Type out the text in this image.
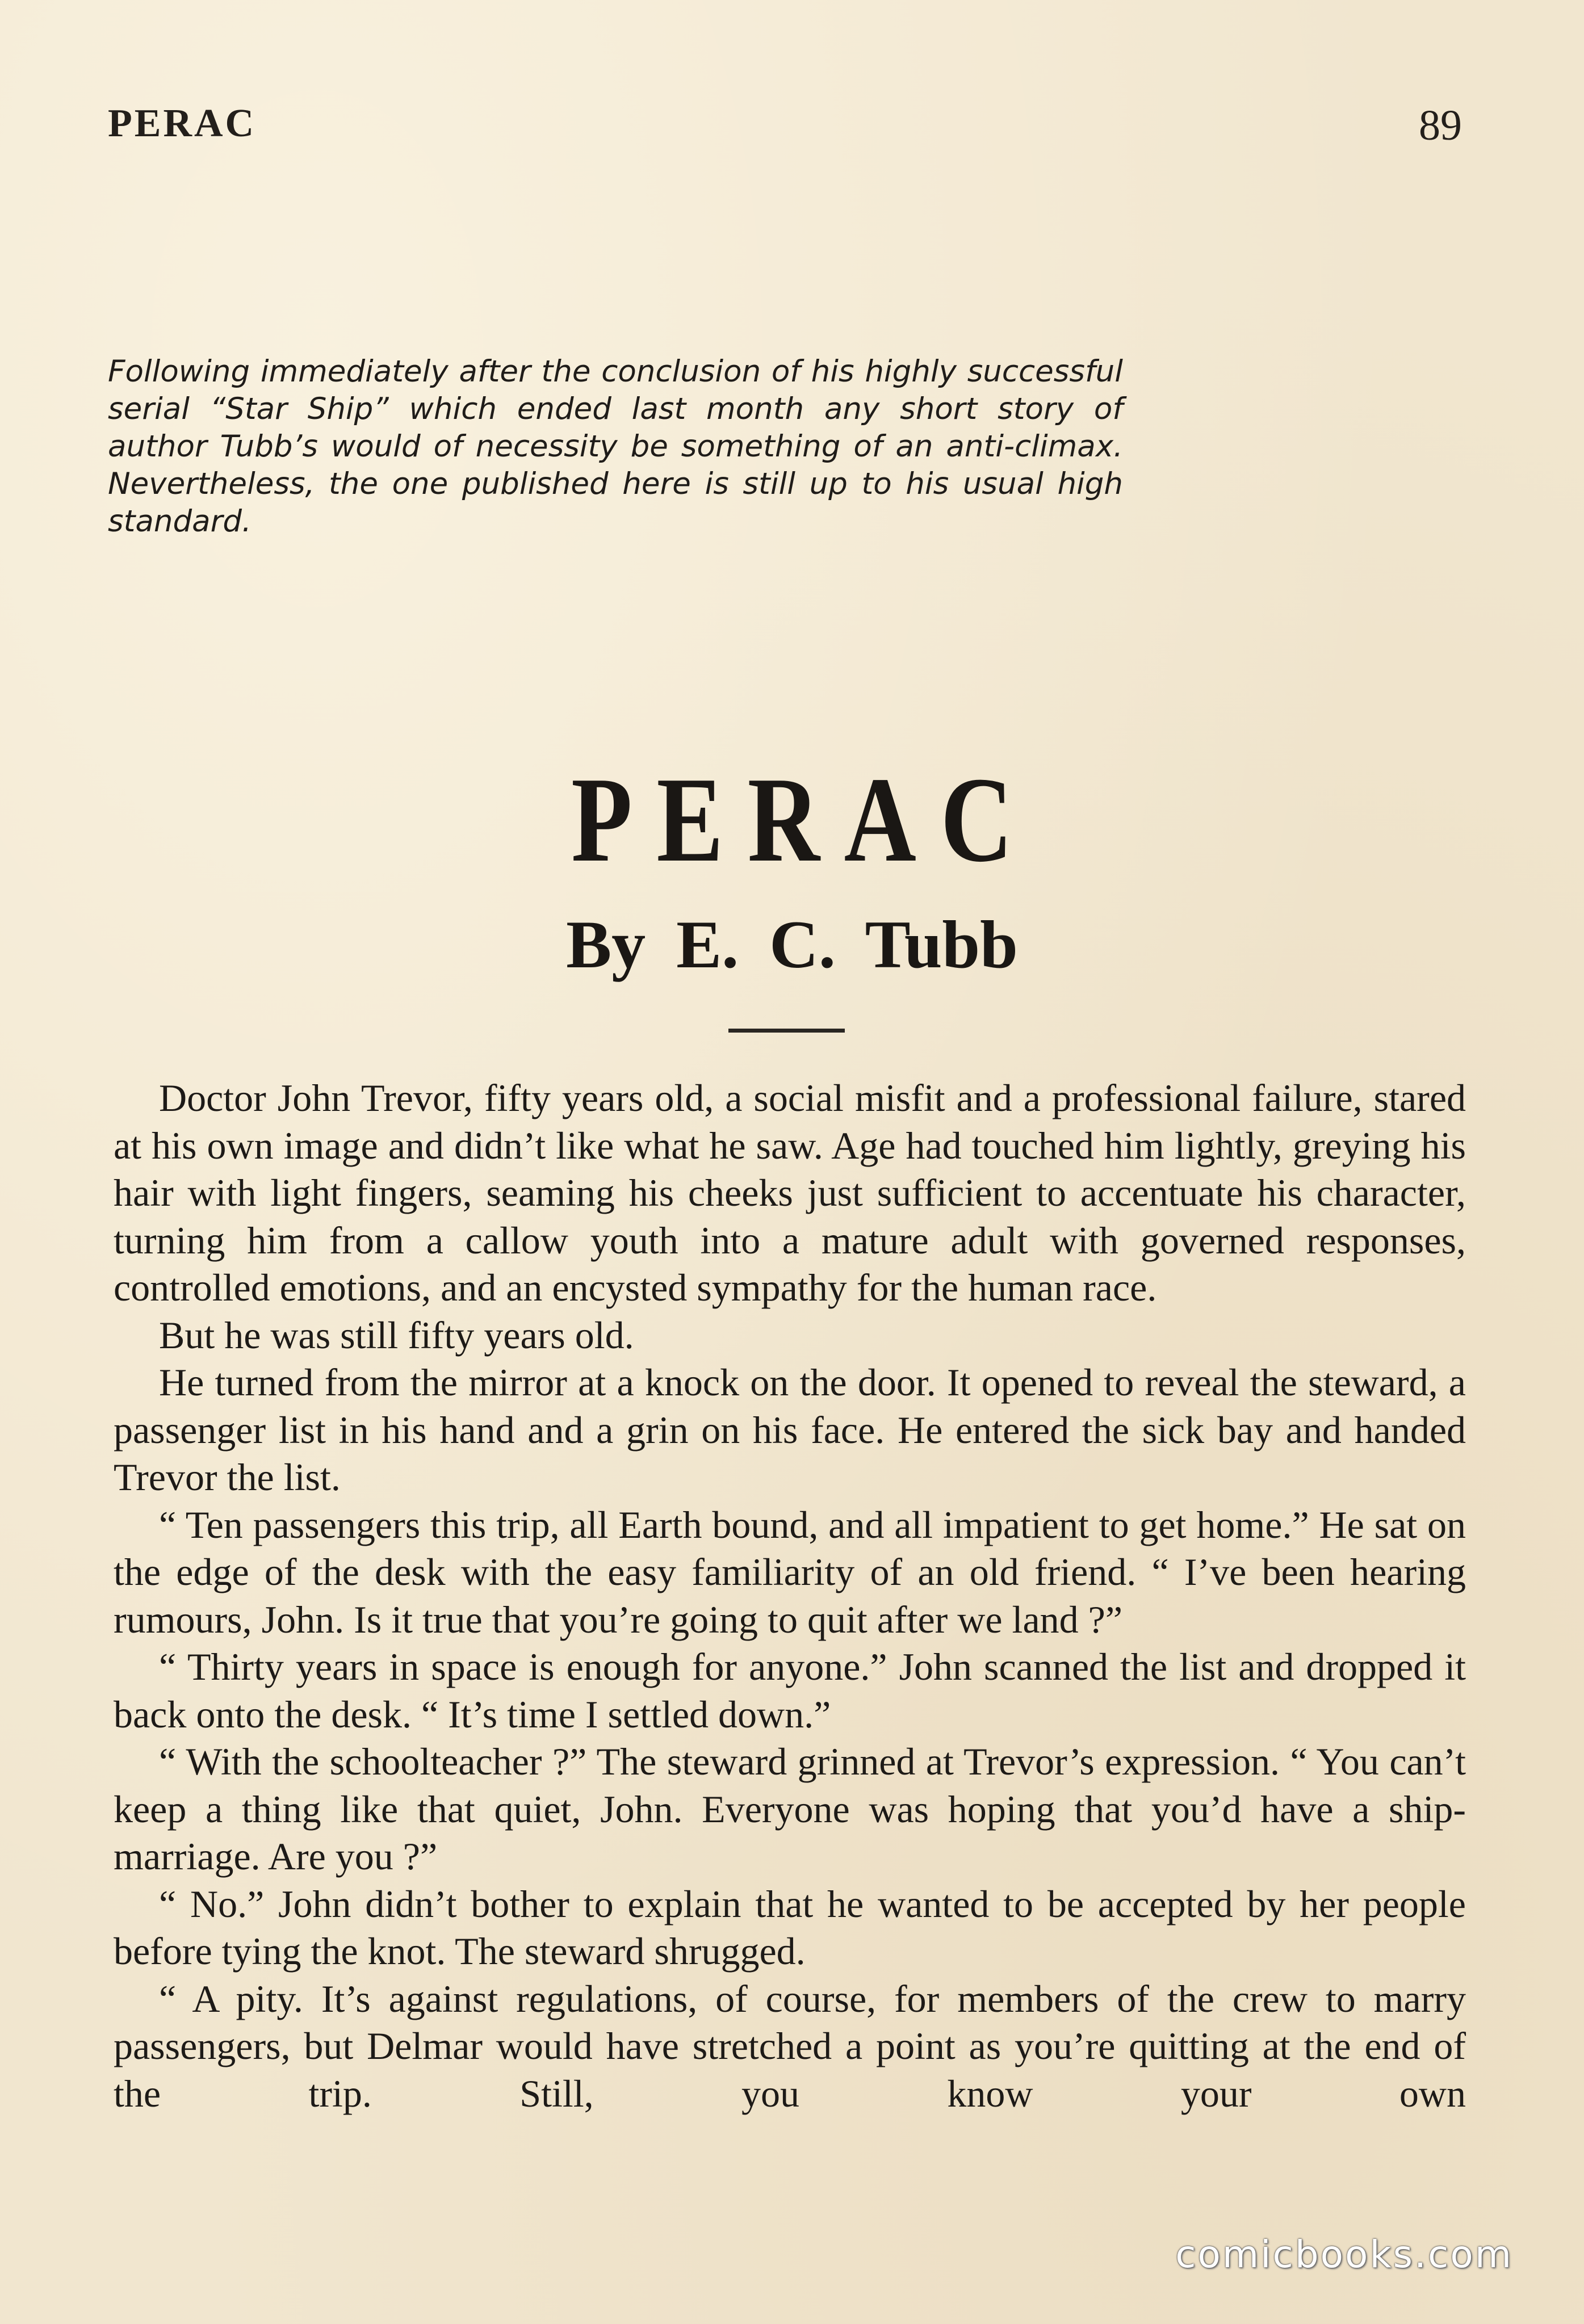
PERAC	89
Following immediately after the conclusion of his highly successful serial “Star Ship” which ended last month any short story of author Tubb’s would of necessity be something of an anti-climax. Nevertheless, the one published here is still up to his usual high standard.
PERAC
By E. C. Tubb

Doctor John Trevor, fifty years old, a social misfit and a professional failure, stared at his own image and didn’t like what he saw. Age had touched him lightly, greying his hair with light fingers, seaming his cheeks just sufficient to accentuate his character, turning him from a callow youth into a mature adult with governed responses, controlled emotions, and an encysted sympathy for the human race.

But he was still fifty years old.

He turned from the mirror at a knock on the door. It opened to reveal the steward, a passenger list in his hand and a grin on his face. He entered the sick bay and handed Trevor the list.

“ Ten passengers this trip, all Earth bound, and all impatient to get home.” He sat on the edge of the desk with the easy familiarity of an old friend. “ I’ve been hearing rumours, John. Is it true that you’re going to quit after we land ?”

“ Thirty years in space is enough for anyone.” John scanned the list and dropped it back onto the desk. “ It’s time I settled down.”

“ With the schoolteacher ?” The steward grinned at Trevor’s expression. “ You can’t keep a thing like that quiet, John. Everyone was hoping that you’d have a ship-marriage. Are you ?”

“ No.” John didn’t bother to explain that he wanted to be accepted by her people before tying the knot. The steward shrugged.

“ A pity. It’s against regulations, of course, for members of the crew to marry passengers, but Delmar would have stretched a point as you’re quitting at the end of the trip. Still, you know your own

comicbooks.com
